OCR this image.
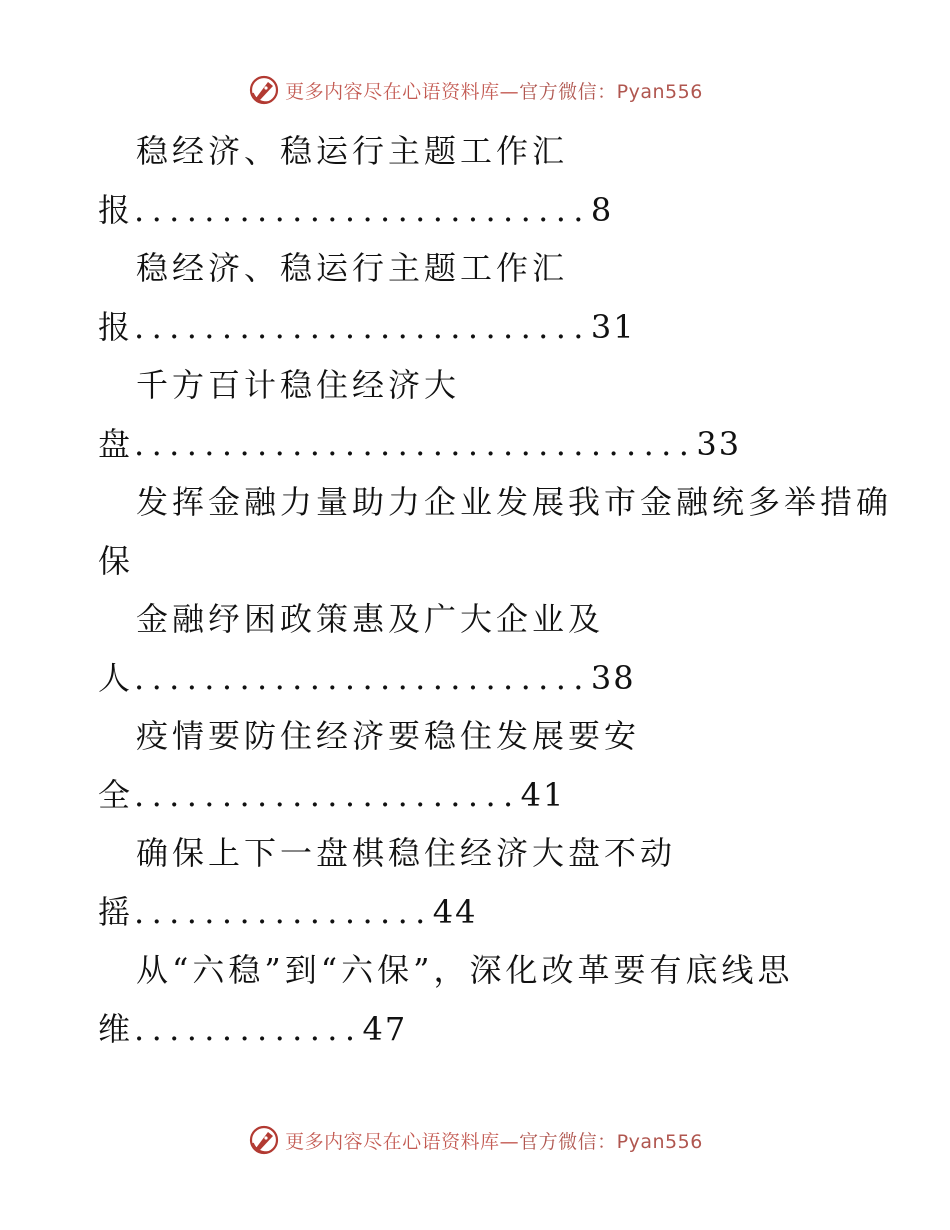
更多内容尽在心语资料库—官方微信：Pyan556
稳经济、稳运行主题工作汇
报..........................8
稳经济、稳运行主题工作汇
报..........................31
千方百计稳住经济大
盘................................33
发挥金融力量助力企业发展我市金融统多举措确
保
金融纾困政策惠及广大企业及
人..........................38
疫情要防住经济要稳住发展要安
全......................41
确保上下一盘棋稳住经济大盘不动
摇.................44
从“六稳”到“六保”，深化改革要有底线思
维.............47
更多内容尽在心语资料库—官方微信：Pyan556
